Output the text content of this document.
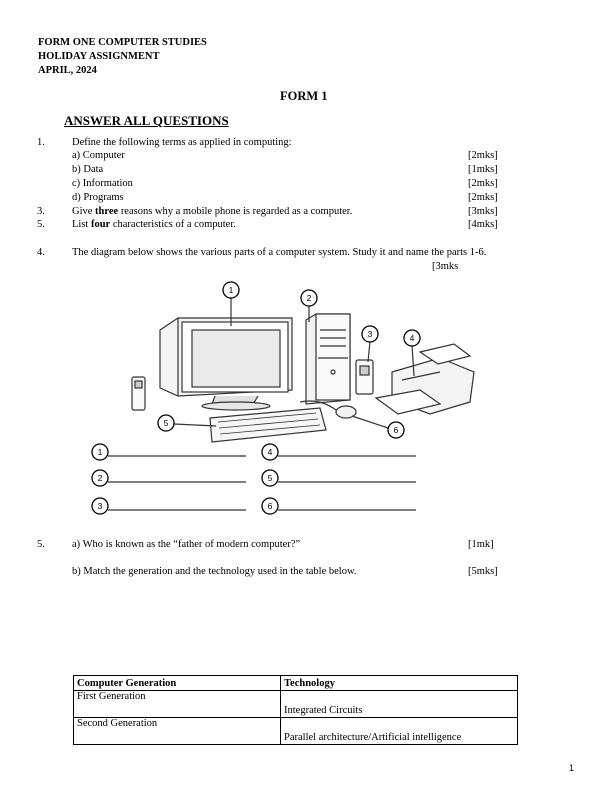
FORM ONE COMPUTER STUDIES
HOLIDAY ASSIGNMENT
APRIL, 2024
FORM 1
ANSWER ALL QUESTIONS
1.	Define the following terms as applied in computing:
a) Computer	[2mks]
b) Data	[1mks]
c) Information	[2mks]
d) Programs	[2mks]
3.	Give three reasons why a mobile phone is regarded as a computer.	[3mks]
5.	List four characteristics of a computer.	[4mks]
4.	The diagram below shows the various parts of a computer system. Study it and name the parts 1-6.
[3mks
1
2
3	4
5
6
1	4
2	5
3	6
5.	a) Who is known as the “father of modern computer?”	[1mk]
b) Match the generation and the technology used in the table below.	[5mks]
Computer Generation	Technology
First Generation	Integrated Circuits

Second Generation	Parallel architecture/Artificial intelligence
1
